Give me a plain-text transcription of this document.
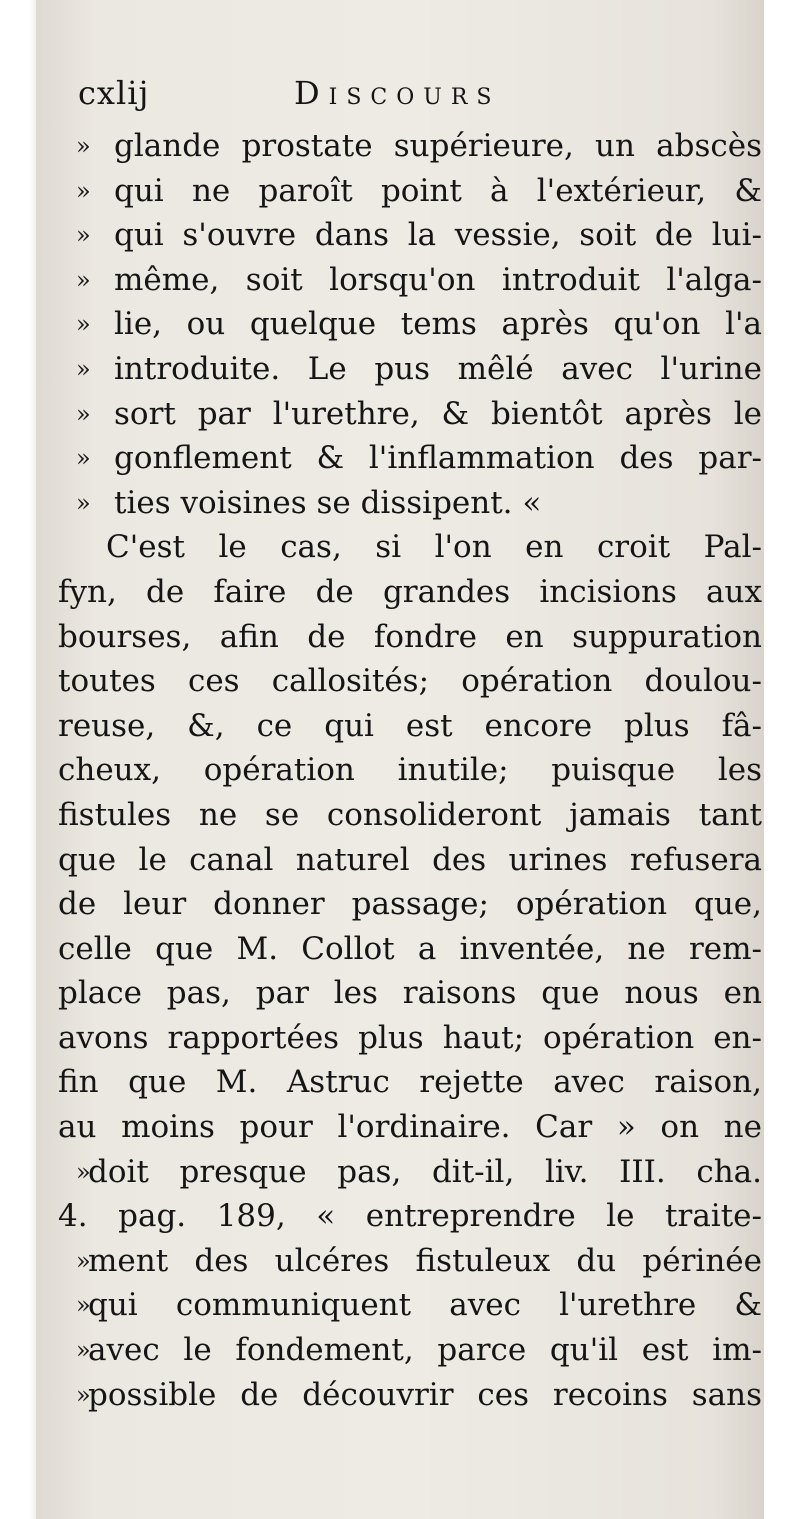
cxlij	Discours
» glande prostate supérieure, un abscès
» qui ne paroît point à l'extérieur, &
» qui s'ouvre dans la vessie, soit de lui-
» même, soit lorsqu'on introduit l'alga-
» lie, ou quelque tems après qu'on l'a
» introduite. Le pus mêlé avec l'urine
» sort par l'urethre, & bientôt après le
» gonflement & l'inflammation des par-
» ties voisines se dissipent. «
C'est le cas, si l'on en croit Pal-
fyn, de faire de grandes incisions aux
bourses, afin de fondre en suppuration
toutes ces callosités; opération doulou-
reuse, &, ce qui est encore plus fâ-
cheux, opération inutile; puisque les
fistules ne se consolideront jamais tant
que le canal naturel des urines refusera
de leur donner passage; opération que,
celle que M. Collot a inventée, ne rem-
place pas, par les raisons que nous en
avons rapportées plus haut; opération en-
fin que M. Astruc rejette avec raison,
au moins pour l'ordinaire. Car » on ne
»
doit presque pas, dit-il, liv. III. cha.
4. pag. 189, « entreprendre le traite-
»
ment des ulcéres fistuleux du périnée
»
qui communiquent avec l'urethre &
»
avec le fondement, parce qu'il est im-
»
possible de découvrir ces recoins sans
